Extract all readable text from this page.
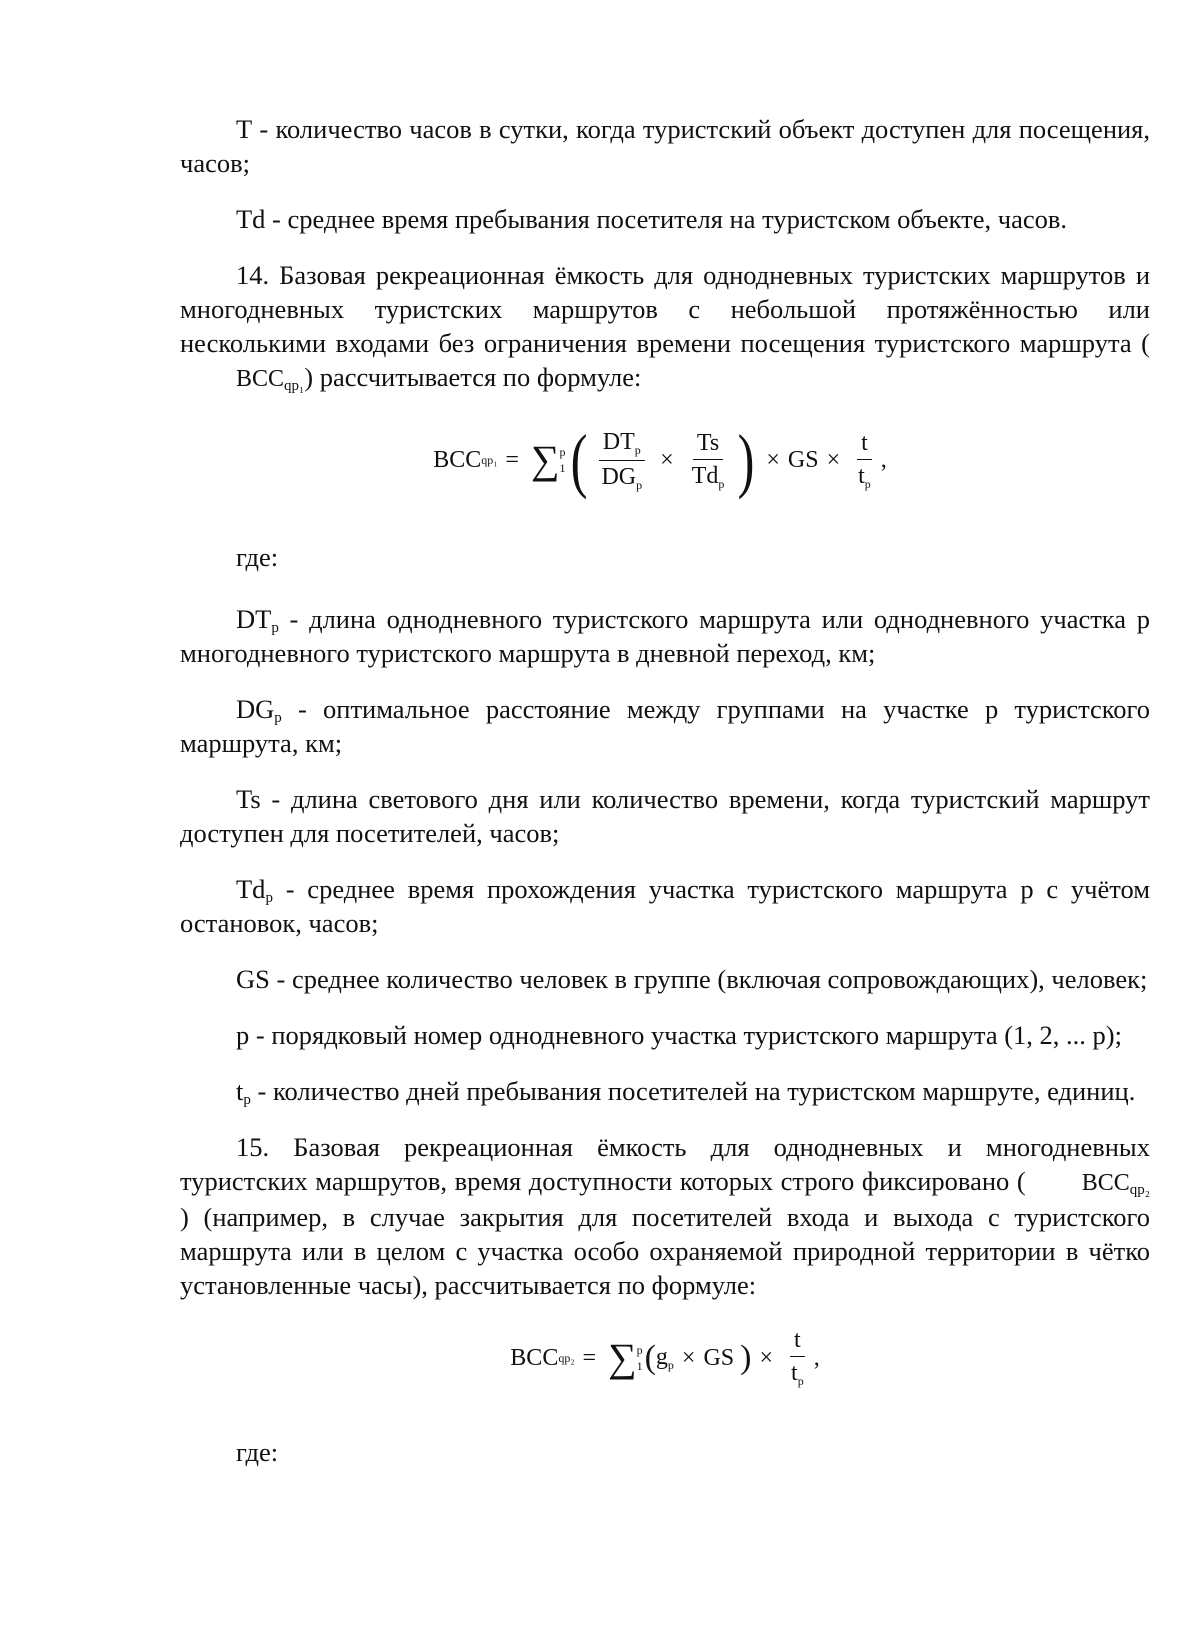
Т - количество часов в сутки, когда туристский объект доступен для посещения, часов;

Td - среднее время пребывания посетителя на туристском объекте, часов.

14. Базовая рекреационная ёмкость для однодневных туристских маршрутов и многодневных туристских маршрутов с небольшой протяжённостью или несколькими входами без ограничения времени посещения туристского маршрута $(BCC_{qp_1})$ рассчитывается по формуле:

BCC qp₁ = ∑ p
1 ( $\frac{DT_p}{DG_p} \times \frac{Ts}{Td_p}$ ) × GS × $\frac{t}{t_p}$ ,

где:

$DT_p$ - длина однодневного туристского маршрута или однодневного участка р многодневного туристского маршрута в дневной переход, км;

$DG_p$ - оптимальное расстояние между группами на участке р туристского маршрута, км;

Ts - длина светового дня или количество времени, когда туристский маршрут доступен для посетителей, часов;

$Td_p$ - среднее время прохождения участка туристского маршрута р с учётом остановок, часов;

GS - среднее количество человек в группе (включая сопровождающих), человек;

р - порядковый номер однодневного участка туристского маршрута (1, 2, ... р);

$t_p$ - количество дней пребывания посетителей на туристском маршруте, единиц.

15. Базовая рекреационная ёмкость для однодневных и многодневных туристских маршрутов, время доступности которых строго фиксировано ( $BCC_{qp_2}$) (например, в случае закрытия для посетителей входа и выхода с туристского маршрута или в целом с участка особо охраняемой природной территории в чётко установленные часы), рассчитывается по формуле:

BCC qp₂ = ∑ p
1 ( $g_p$ × GS ) × $\frac{t}{t_p}$ ,

где:
